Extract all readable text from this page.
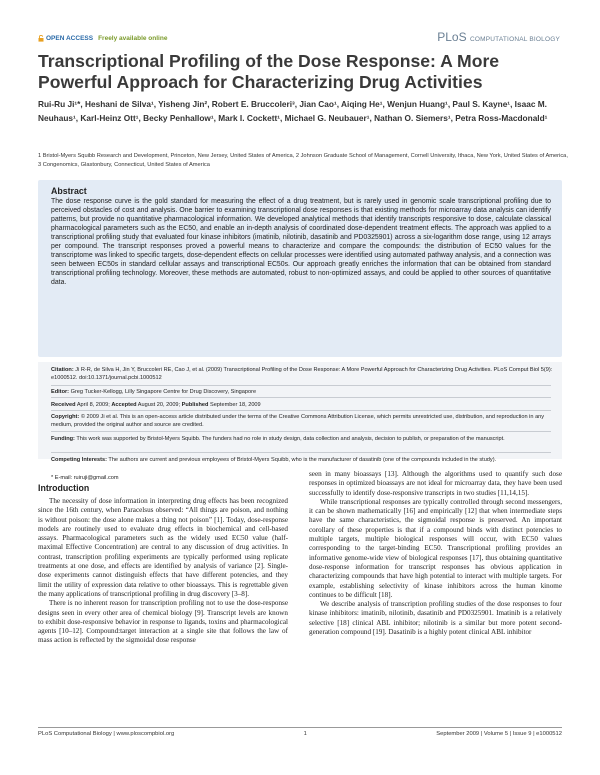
OPEN ACCESS Freely available online	PLoS COMPUTATIONAL BIOLOGY
Transcriptional Profiling of the Dose Response: A More Powerful Approach for Characterizing Drug Activities
Rui-Ru Ji¹*, Heshani de Silva¹, Yisheng Jin², Robert E. Bruccoleri³, Jian Cao¹, Aiqing He¹, Wenjun Huang¹, Paul S. Kayne¹, Isaac M. Neuhaus¹, Karl-Heinz Ott¹, Becky Penhallow¹, Mark I. Cockett¹, Michael G. Neubauer¹, Nathan O. Siemers¹, Petra Ross-Macdonald¹
1 Bristol-Myers Squibb Research and Development, Princeton, New Jersey, United States of America, 2 Johnson Graduate School of Management, Cornell University, Ithaca, New York, United States of America, 3 Congenomics, Glastonbury, Connecticut, United States of America
Abstract
The dose response curve is the gold standard for measuring the effect of a drug treatment, but is rarely used in genomic scale transcriptional profiling due to perceived obstacles of cost and analysis. One barrier to examining transcriptional dose responses is that existing methods for microarray data analysis can identify patterns, but provide no quantitative pharmacological information. We developed analytical methods that identify transcripts responsive to dose, calculate classical pharmacological parameters such as the EC50, and enable an in-depth analysis of coordinated dose-dependent treatment effects. The approach was applied to a transcriptional profiling study that evaluated four kinase inhibitors (imatinib, nilotinib, dasatinib and PD0325901) across a six-logarithm dose range, using 12 arrays per compound. The transcript responses proved a powerful means to characterize and compare the compounds: the distribution of EC50 values for the transcriptome was linked to specific targets, dose-dependent effects on cellular processes were identified using automated pathway analysis, and a connection was seen between EC50s in standard cellular assays and transcriptional EC50s. Our approach greatly enriches the information that can be obtained from standard transcriptional profiling technology. Moreover, these methods are automated, robust to non-optimized assays, and could be applied to other sources of quantitative data.
Citation: Ji R-R, de Silva H, Jin Y, Bruccoleri RE, Cao J, et al. (2009) Transcriptional Profiling of the Dose Response: A More Powerful Approach for Characterizing Drug Activities. PLoS Comput Biol 5(9): e1000512. doi:10.1371/journal.pcbi.1000512
Editor: Greg Tucker-Kellogg, Lilly Singapore Centre for Drug Discovery, Singapore
Received April 8, 2009; Accepted August 20, 2009; Published September 18, 2009
Copyright: © 2009 Ji et al. This is an open-access article distributed under the terms of the Creative Commons Attribution License, which permits unrestricted use, distribution, and reproduction in any medium, provided the original author and source are credited.
Funding: This work was supported by Bristol-Myers Squibb. The funders had no role in study design, data collection and analysis, decision to publish, or preparation of the manuscript.
Competing Interests: The authors are current and previous employees of Bristol-Myers Squibb, who is the manufacturer of dasatinib (one of the compounds included in the study).
* E-mail: ruiruji@gmail.com
Introduction

The necessity of dose information in interpreting drug effects has been recognized since the 16th century, when Paracelsus observed: “All things are poison, and nothing is without poison: the dose alone makes a thing not poison” [1]. Today, dose-response models are routinely used to evaluate drug effects in biochemical and cell-based assays. Pharmacological parameters such as the widely used EC50 value (half-maximal Effective Concentration) are central to any discussion of drug activities. In contrast, transcription profiling experiments are typically performed using replicate treatments at one dose, and effects are identified by analysis of variance [2]. Single-dose experiments cannot distinguish effects that have different potencies, and they limit the utility of expression data relative to other bioassays. This is regrettable given the many applications of transcriptional profiling in drug discovery [3–8].

There is no inherent reason for transcription profiling not to use the dose-response designs seen in every other area of chemical biology [9]. Transcript levels are known to exhibit dose-responsive behavior in response to ligands, toxins and pharmacological agents [10–12]. Compound:target interaction at a single site that follows the law of mass action is reflected by the sigmoidal dose response

seen in many bioassays [13]. Although the algorithms used to quantify such dose responses in optimized bioassays are not ideal for microarray data, they have been used successfully to identify dose-responsive transcripts in two studies [11,14,15].

While transcriptional responses are typically controlled through second messengers, it can be shown mathematically [16] and empirically [12] that when intermediate steps have the same characteristics, the sigmoidal response is preserved. An important corollary of these properties is that if a compound binds with distinct potencies to multiple targets, multiple biological responses will occur, with EC50 values corresponding to the target-binding EC50. Transcriptional profiling provides an informative genome-wide view of biological responses [17], thus obtaining quantitative dose-response information for transcript responses has obvious application in characterizing compounds that have high potential to interact with multiple targets. For example, establishing selectivity of kinase inhibitors across the human kinome continues to be difficult [18].

We describe analysis of transcription profiling studies of the dose responses to four kinase inhibitors: imatinib, nilotinib, dasatinib and PD0325901. Imatinib is a relatively selective [18] clinical ABL inhibitor; nilotinib is a similar but more potent second-generation compound [19]. Dasatinib is a highly potent clinical ABL inhibitor

PLoS Computational Biology | www.ploscompbiol.org	1	September 2009 | Volume 5 | Issue 9 | e1000512
